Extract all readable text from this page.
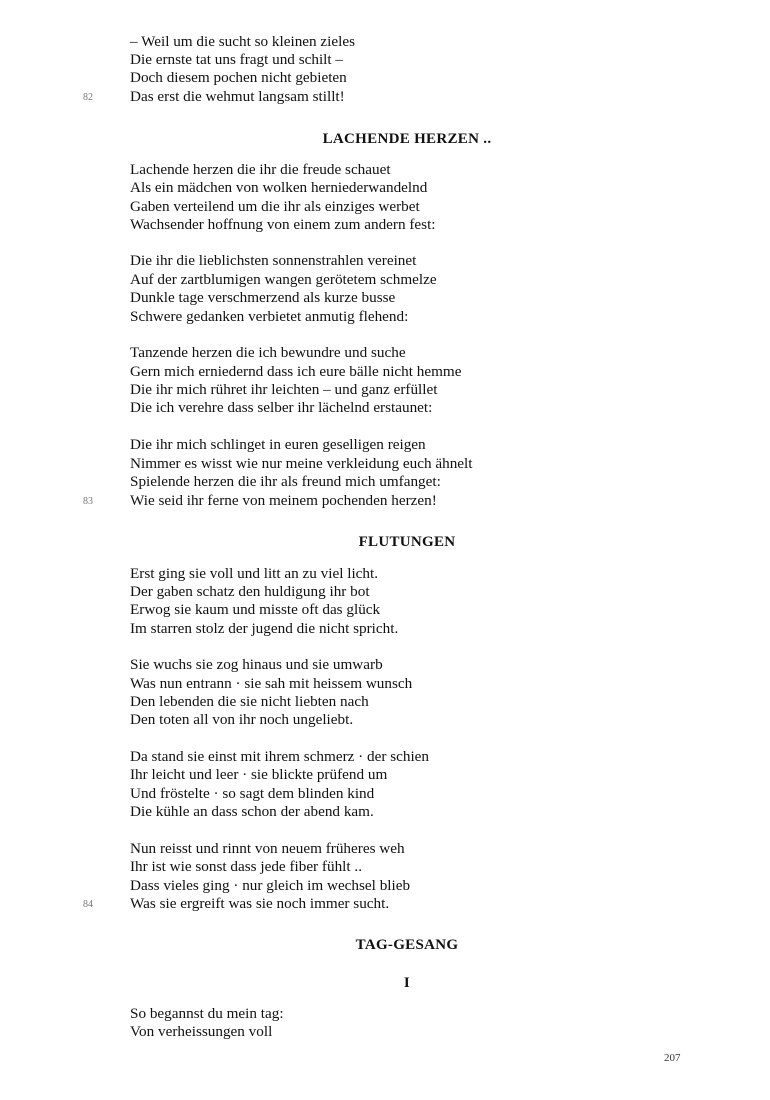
– Weil um die sucht so kleinen zieles
Die ernste tat uns fragt und schilt –
Doch diesem pochen nicht gebieten
Das erst die wehmut langsam stillt!
82
LACHENDE HERZEN ..
Lachende herzen die ihr die freude schauet
Als ein mädchen von wolken herniederwandelnd
Gaben verteilend um die ihr als einziges werbet
Wachsender hoffnung von einem zum andern fest:
Die ihr die lieblichsten sonnenstrahlen vereinet
Auf der zartblumigen wangen gerötetem schmelze
Dunkle tage verschmerzend als kurze busse
Schwere gedanken verbietet anmutig flehend:
Tanzende herzen die ich bewundre und suche
Gern mich erniedernd dass ich eure bälle nicht hemme
Die ihr mich rühret ihr leichten – und ganz erfüllet
Die ich verehre dass selber ihr lächelnd erstaunet:
Die ihr mich schlinget in euren geselligen reigen
Nimmer es wisst wie nur meine verkleidung euch ähnelt
Spielende herzen die ihr als freund mich umfanget:
Wie seid ihr ferne von meinem pochenden herzen!
83
FLUTUNGEN
Erst ging sie voll und litt an zu viel licht.
Der gaben schatz den huldigung ihr bot
Erwog sie kaum und misste oft das glück
Im starren stolz der jugend die nicht spricht.
Sie wuchs sie zog hinaus und sie umwarb
Was nun entrann · sie sah mit heissem wunsch
Den lebenden die sie nicht liebten nach
Den toten all von ihr noch ungeliebt.
Da stand sie einst mit ihrem schmerz · der schien
Ihr leicht und leer · sie blickte prüfend um
Und fröstelte · so sagt dem blinden kind
Die kühle an dass schon der abend kam.
Nun reisst und rinnt von neuem früheres weh
Ihr ist wie sonst dass jede fiber fühlt ..
Dass vieles ging · nur gleich im wechsel blieb
Was sie ergreift was sie noch immer sucht.
84
TAG-GESANG
I
So begannst du mein tag:
Von verheissungen voll
207
